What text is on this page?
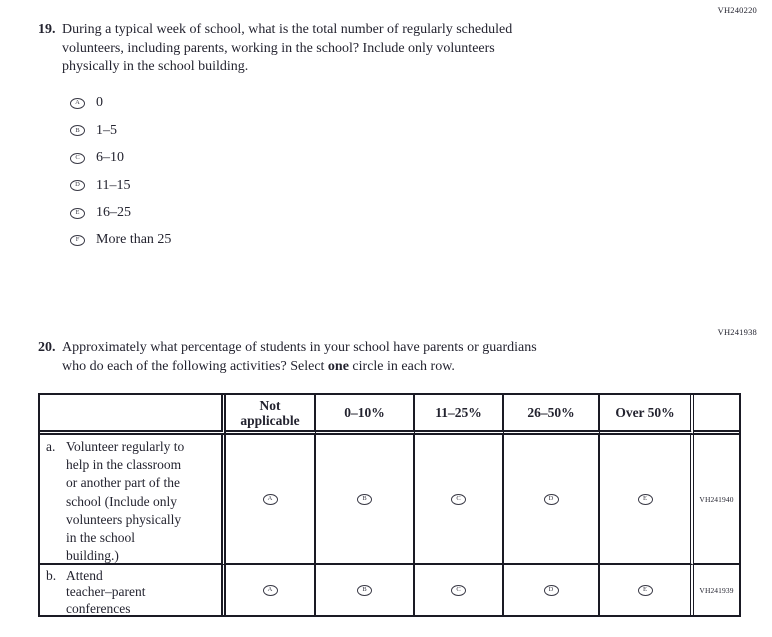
VH240220
19. During a typical week of school, what is the total number of regularly scheduled
volunteers, including parents, working in the school? Include only volunteers
physically in the school building.
A	0
B	1–5
C	6–10
D	11–15
E	16–25
F	More than 25
VH241938
20. Approximately what percentage of students in your school have parents or guardians
who do each of the following activities? Select one circle in each row.
Not applicable	0–10%	11–25%	26–50%	Over 50%
a. Volunteer regularly to
help in the classroom
or another part of the
school (Include only
volunteers physically
in the school
building.)
A	B	C	D	E	VH241940
b. Attend
teacher–parent
conferences
A	B	C	D	E	VH241939
